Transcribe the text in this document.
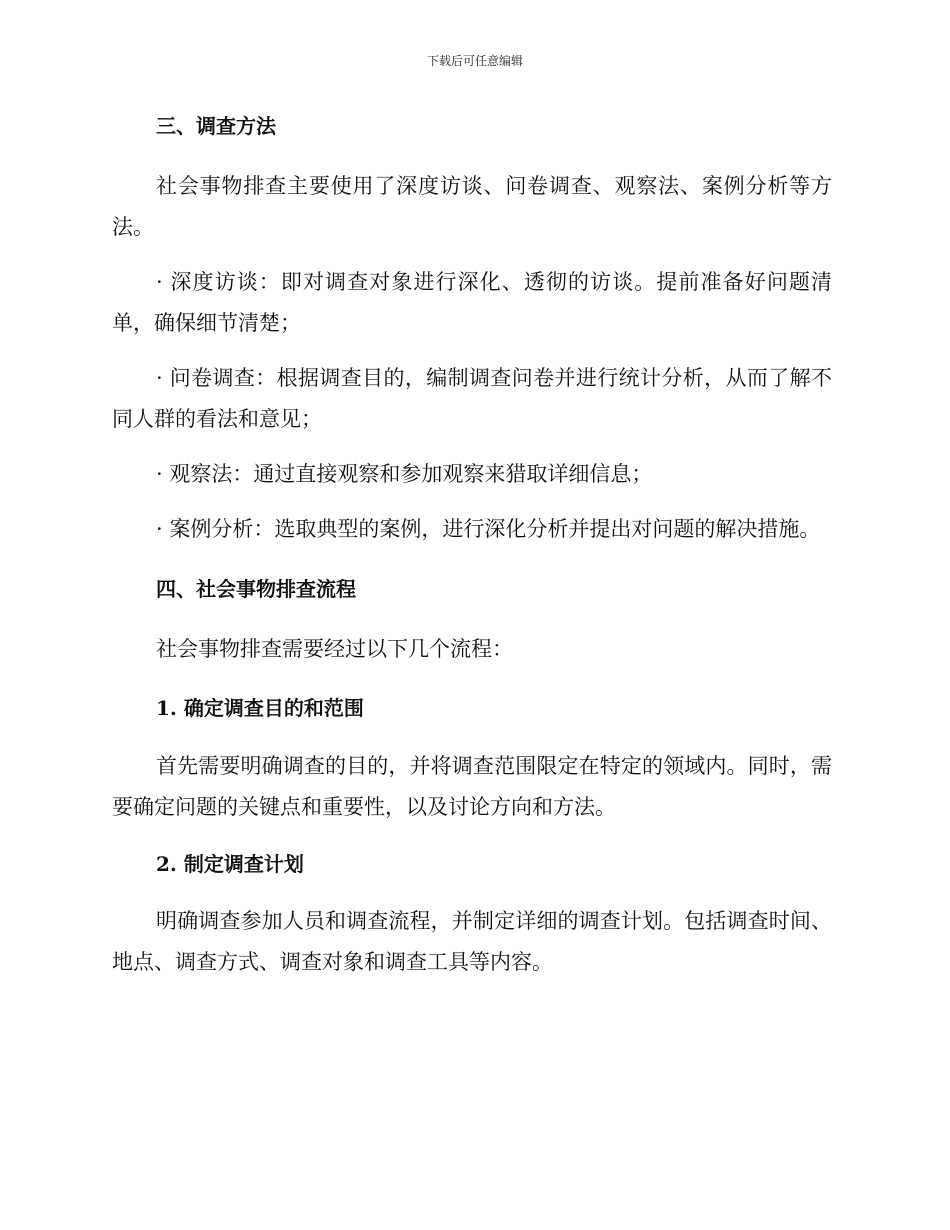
下载后可任意编辑

三、调查方法

社会事物排查主要使用了深度访谈、问卷调查、观察法、案例分析等方法。

· 深度访谈：即对调查对象进行深化、透彻的访谈。提前准备好问题清单，确保细节清楚；

· 问卷调查：根据调查目的，编制调查问卷并进行统计分析，从而了解不同人群的看法和意见；

· 观察法：通过直接观察和参加观察来猎取详细信息；

· 案例分析：选取典型的案例，进行深化分析并提出对问题的解决措施。

四、社会事物排查流程

社会事物排查需要经过以下几个流程：

1. 确定调查目的和范围

首先需要明确调查的目的，并将调查范围限定在特定的领域内。同时，需要确定问题的关键点和重要性，以及讨论方向和方法。

2. 制定调查计划

明确调查参加人员和调查流程，并制定详细的调查计划。包括调查时间、地点、调查方式、调查对象和调查工具等内容。
